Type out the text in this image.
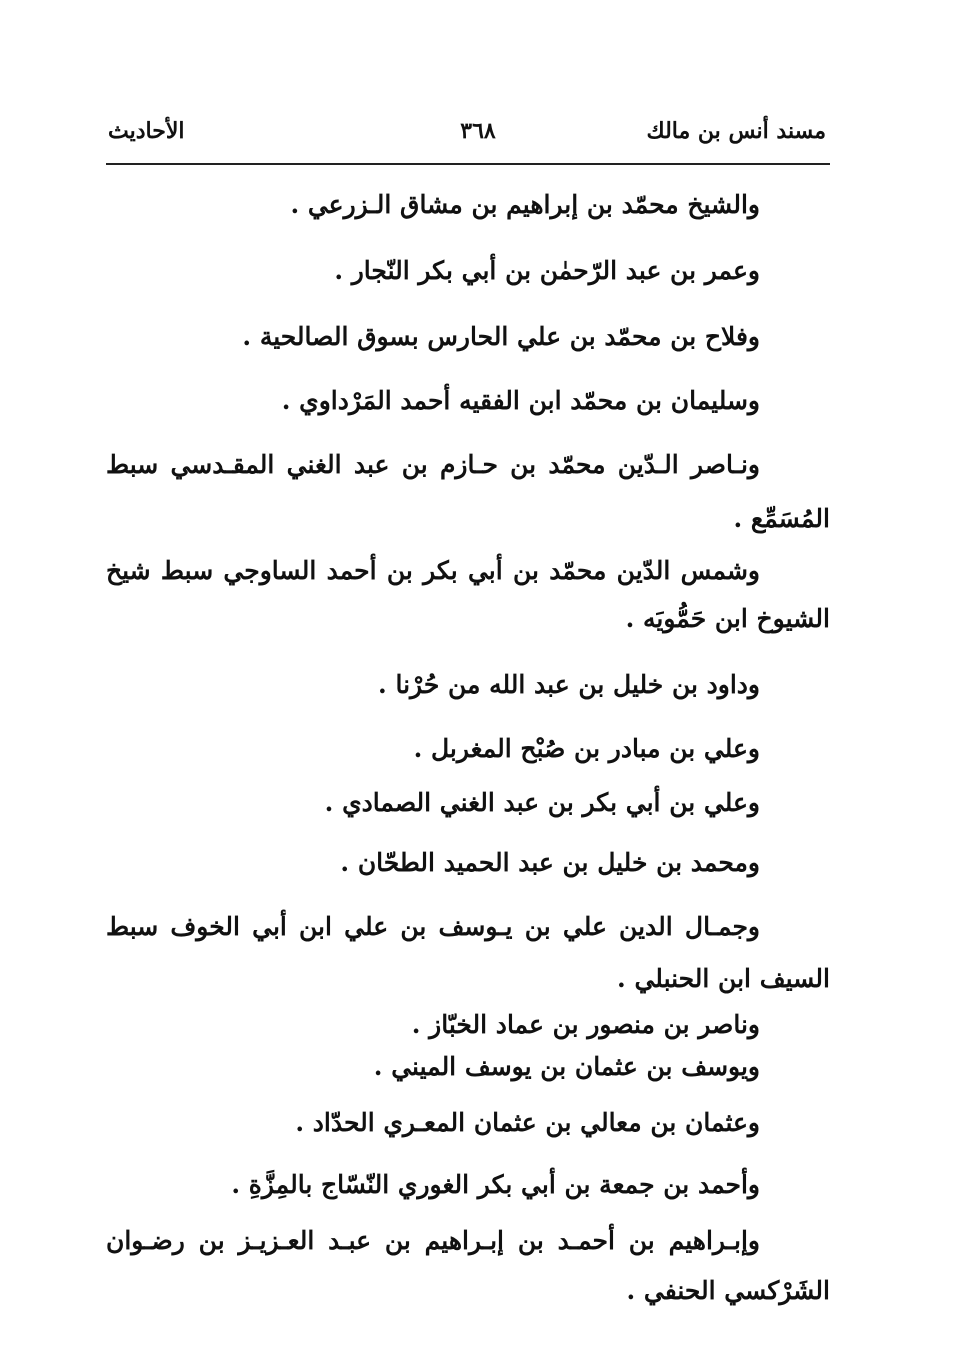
مسند أنس بن مالك
٣٦٨
الأحاديث
والشيخ محمّد بن إبراهيم بن مشاق الـزرعي .
وعمر بن عبد الرّحمٰن بن أبي بكر النّجار .
وفلاح بن محمّد بن علي الحارس بسوق الصالحية .
وسليمان بن محمّد ابن الفقيه أحمد المَرْداوي .
ونـاصر الـدّين محمّد بن حـازم بن عبد الغني المقـدسي سبط
المُسَمِّع .
وشمس الدّين محمّد بن أبي بكر بن أحمد الساوجي سبط شيخ
الشيوخ ابن حَمُّويَه .
وداود بن خليل بن عبد الله من حُرْنا .
وعلي بن مبادر بن صُبْح المغربل .
وعلي بن أبي بكر بن عبد الغني الصمادي .
ومحمد بن خليل بن عبد الحميد الطحّان .
وجمـال الدين علي بن يـوسف بن علي ابن أبي الخوف سبط
السيف ابن الحنبلي .
وناصر بن منصور بن عماد الخبّاز .
ويوسف بن عثمان بن يوسف الميني .
وعثمان بن معالي بن عثمان المعـري الحدّاد .
وأحمد بن جمعة بن أبي بكر الغوري النّسّاج بالمِزَّةِ .
وإبـراهيم بن أحمـد بن إبـراهيم بن عبـد العـزيـز بن رضـوان
الشَرْكسي الحنفي .
